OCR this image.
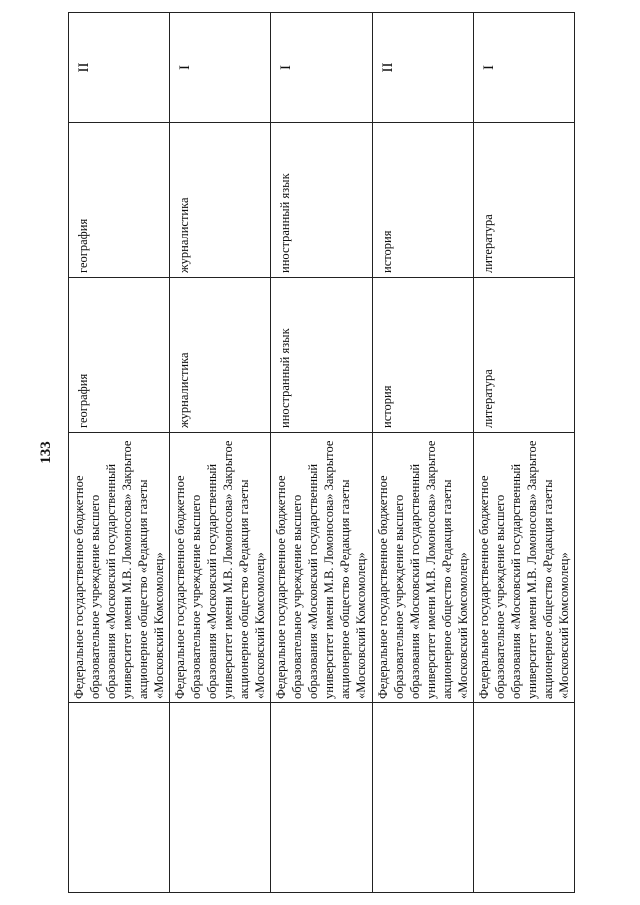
133
	Федеральное государственное бюджетное образовательное учреждение высшего образования «Московский государственный университет имени М.В. Ломоносова» Закрытое акционерное общество «Редакция газеты «Московский Комсомолец»	география	география	II
	Федеральное государственное бюджетное образовательное учреждение высшего образования «Московский государственный университет имени М.В. Ломоносова» Закрытое акционерное общество «Редакция газеты «Московский Комсомолец»	журналистика	журналистика	I
	Федеральное государственное бюджетное образовательное учреждение высшего образования «Московский государственный университет имени М.В. Ломоносова» Закрытое акционерное общество «Редакция газеты «Московский Комсомолец»	иностранный язык	иностранный язык	I
	Федеральное государственное бюджетное образовательное учреждение высшего образования «Московский государственный университет имени М.В. Ломоносова» Закрытое акционерное общество «Редакция газеты «Московский Комсомолец»	история	история	II
	Федеральное государственное бюджетное образовательное учреждение высшего образования «Московский государственный университет имени М.В. Ломоносова» Закрытое акционерное общество «Редакция газеты «Московский Комсомолец»	литература	литература	I
